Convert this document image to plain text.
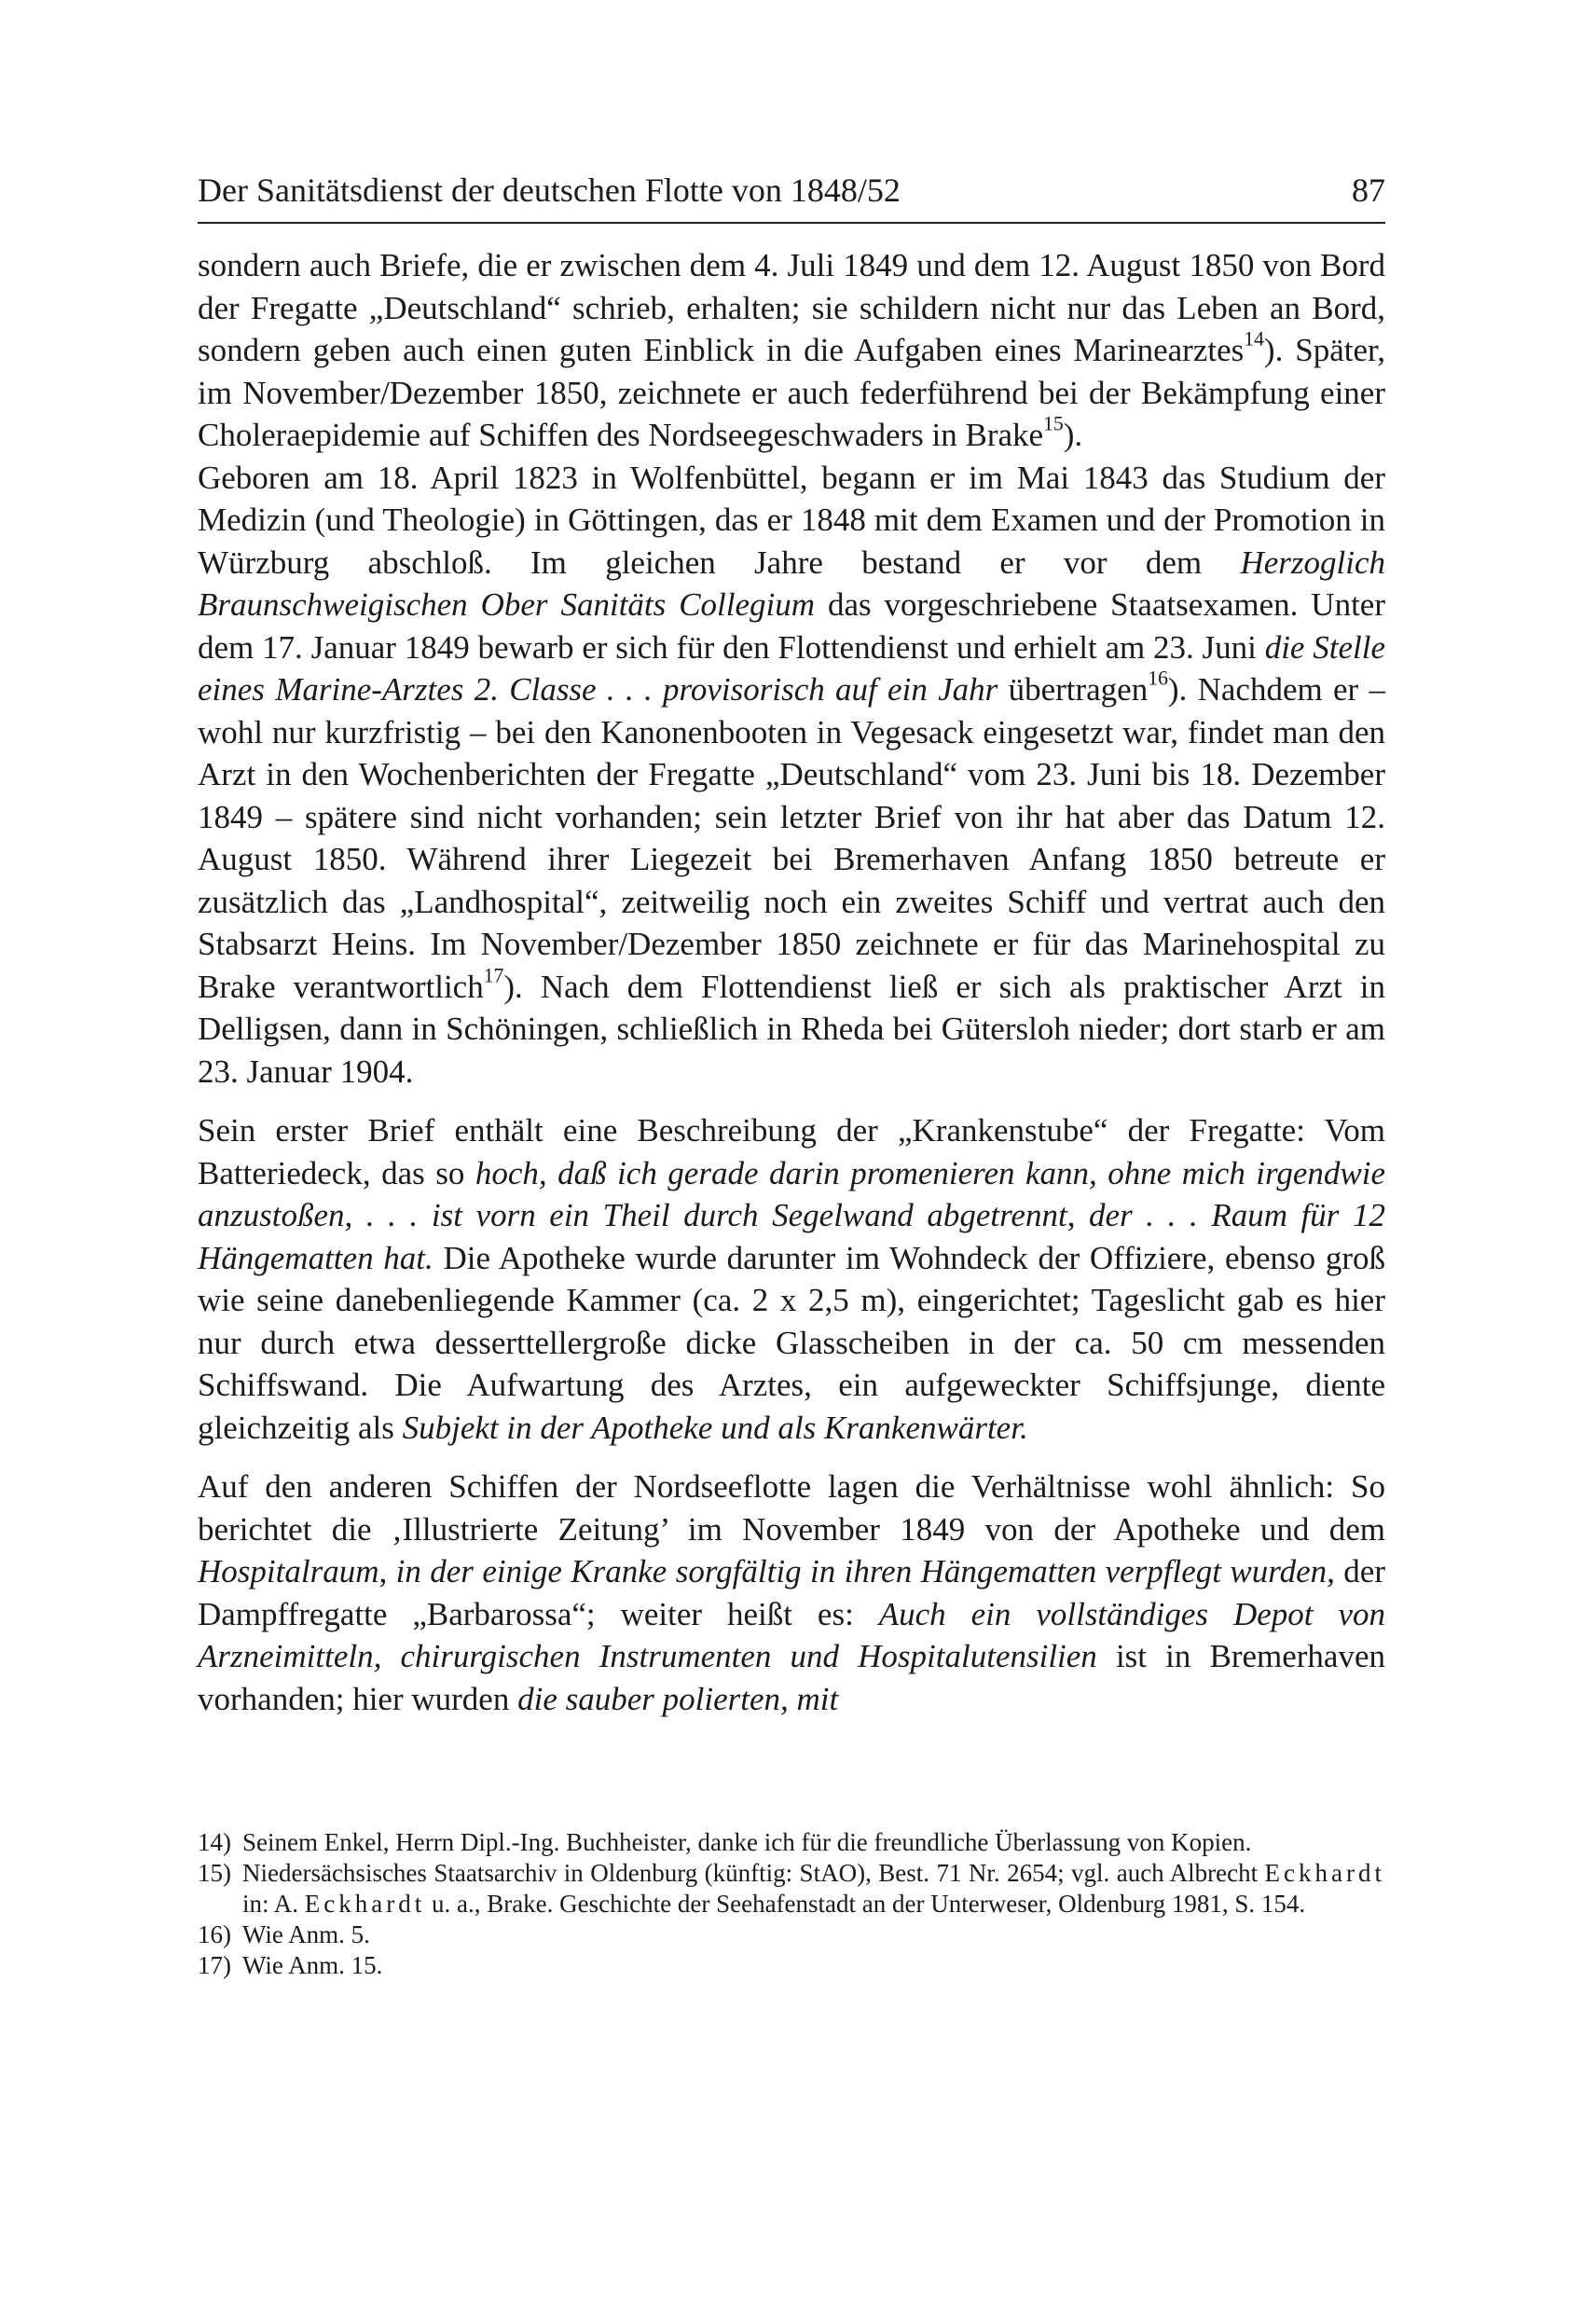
Der Sanitätsdienst der deutschen Flotte von 1848/52	87

sondern auch Briefe, die er zwischen dem 4. Juli 1849 und dem 12. August 1850 von Bord der Fregatte „Deutschland“ schrieb, erhalten; sie schildern nicht nur das Leben an Bord, sondern geben auch einen guten Einblick in die Aufgaben eines Marinearztes$^{14}$). Später, im November/Dezember 1850, zeichnete er auch federführend bei der Bekämpfung einer Choleraepidemie auf Schiffen des Nordseegeschwaders in Brake$^{15}$).

Geboren am 18. April 1823 in Wolfenbüttel, begann er im Mai 1843 das Studium der Medizin (und Theologie) in Göttingen, das er 1848 mit dem Examen und der Promotion in Würzburg abschloß. Im gleichen Jahre bestand er vor dem Herzoglich Braunschweigischen Ober Sanitäts Collegium das vorgeschriebene Staatsexamen. Unter dem 17. Januar 1849 bewarb er sich für den Flottendienst und erhielt am 23. Juni die Stelle eines Marine-Arztes 2. Classe . . . provisorisch auf ein Jahr übertragen$^{16}$). Nachdem er – wohl nur kurzfristig – bei den Kanonenbooten in Vegesack eingesetzt war, findet man den Arzt in den Wochenberichten der Fregatte „Deutschland“ vom 23. Juni bis 18. Dezember 1849 – spätere sind nicht vorhanden; sein letzter Brief von ihr hat aber das Datum 12. August 1850. Während ihrer Liegezeit bei Bremerhaven Anfang 1850 betreute er zusätzlich das „Landhospital“, zeitweilig noch ein zweites Schiff und vertrat auch den Stabsarzt Heins. Im November/Dezember 1850 zeichnete er für das Marinehospital zu Brake verantwortlich$^{17}$). Nach dem Flottendienst ließ er sich als praktischer Arzt in Delligsen, dann in Schöningen, schließlich in Rheda bei Gütersloh nieder; dort starb er am 23. Januar 1904.

Sein erster Brief enthält eine Beschreibung der „Krankenstube“ der Fregatte: Vom Batteriedeck, das so hoch, daß ich gerade darin promenieren kann, ohne mich irgendwie anzustoßen, . . . ist vorn ein Theil durch Segelwand abgetrennt, der . . . Raum für 12 Hängematten hat. Die Apotheke wurde darunter im Wohndeck der Offiziere, ebenso groß wie seine danebenliegende Kammer (ca. 2 x 2,5 m), eingerichtet; Tageslicht gab es hier nur durch etwa desserttellergroße dicke Glasscheiben in der ca. 50 cm messenden Schiffswand. Die Aufwartung des Arztes, ein aufgeweckter Schiffsjunge, diente gleichzeitig als Subjekt in der Apotheke und als Krankenwärter.

Auf den anderen Schiffen der Nordseeflotte lagen die Verhältnisse wohl ähnlich: So berichtet die ‚Illustrierte Zeitung’ im November 1849 von der Apotheke und dem Hospitalraum, in der einige Kranke sorgfältig in ihren Hängematten verpflegt wurden, der Dampffregatte „Barbarossa“; weiter heißt es: Auch ein vollständiges Depot von Arzneimitteln, chirurgischen Instrumenten und Hospitalutensilien ist in Bremerhaven vorhanden; hier wurden die sauber polierten, mit

14) Seinem Enkel, Herrn Dipl.-Ing. Buchheister, danke ich für die freundliche Überlassung von Kopien.

15) Niedersächsisches Staatsarchiv in Oldenburg (künftig: StAO), Best. 71 Nr. 2654; vgl. auch Albrecht Eckhardt in: A. Eckhardt u. a., Brake. Geschichte der Seehafenstadt an der Unterweser, Oldenburg 1981, S. 154.

16) Wie Anm. 5.

17) Wie Anm. 15.
